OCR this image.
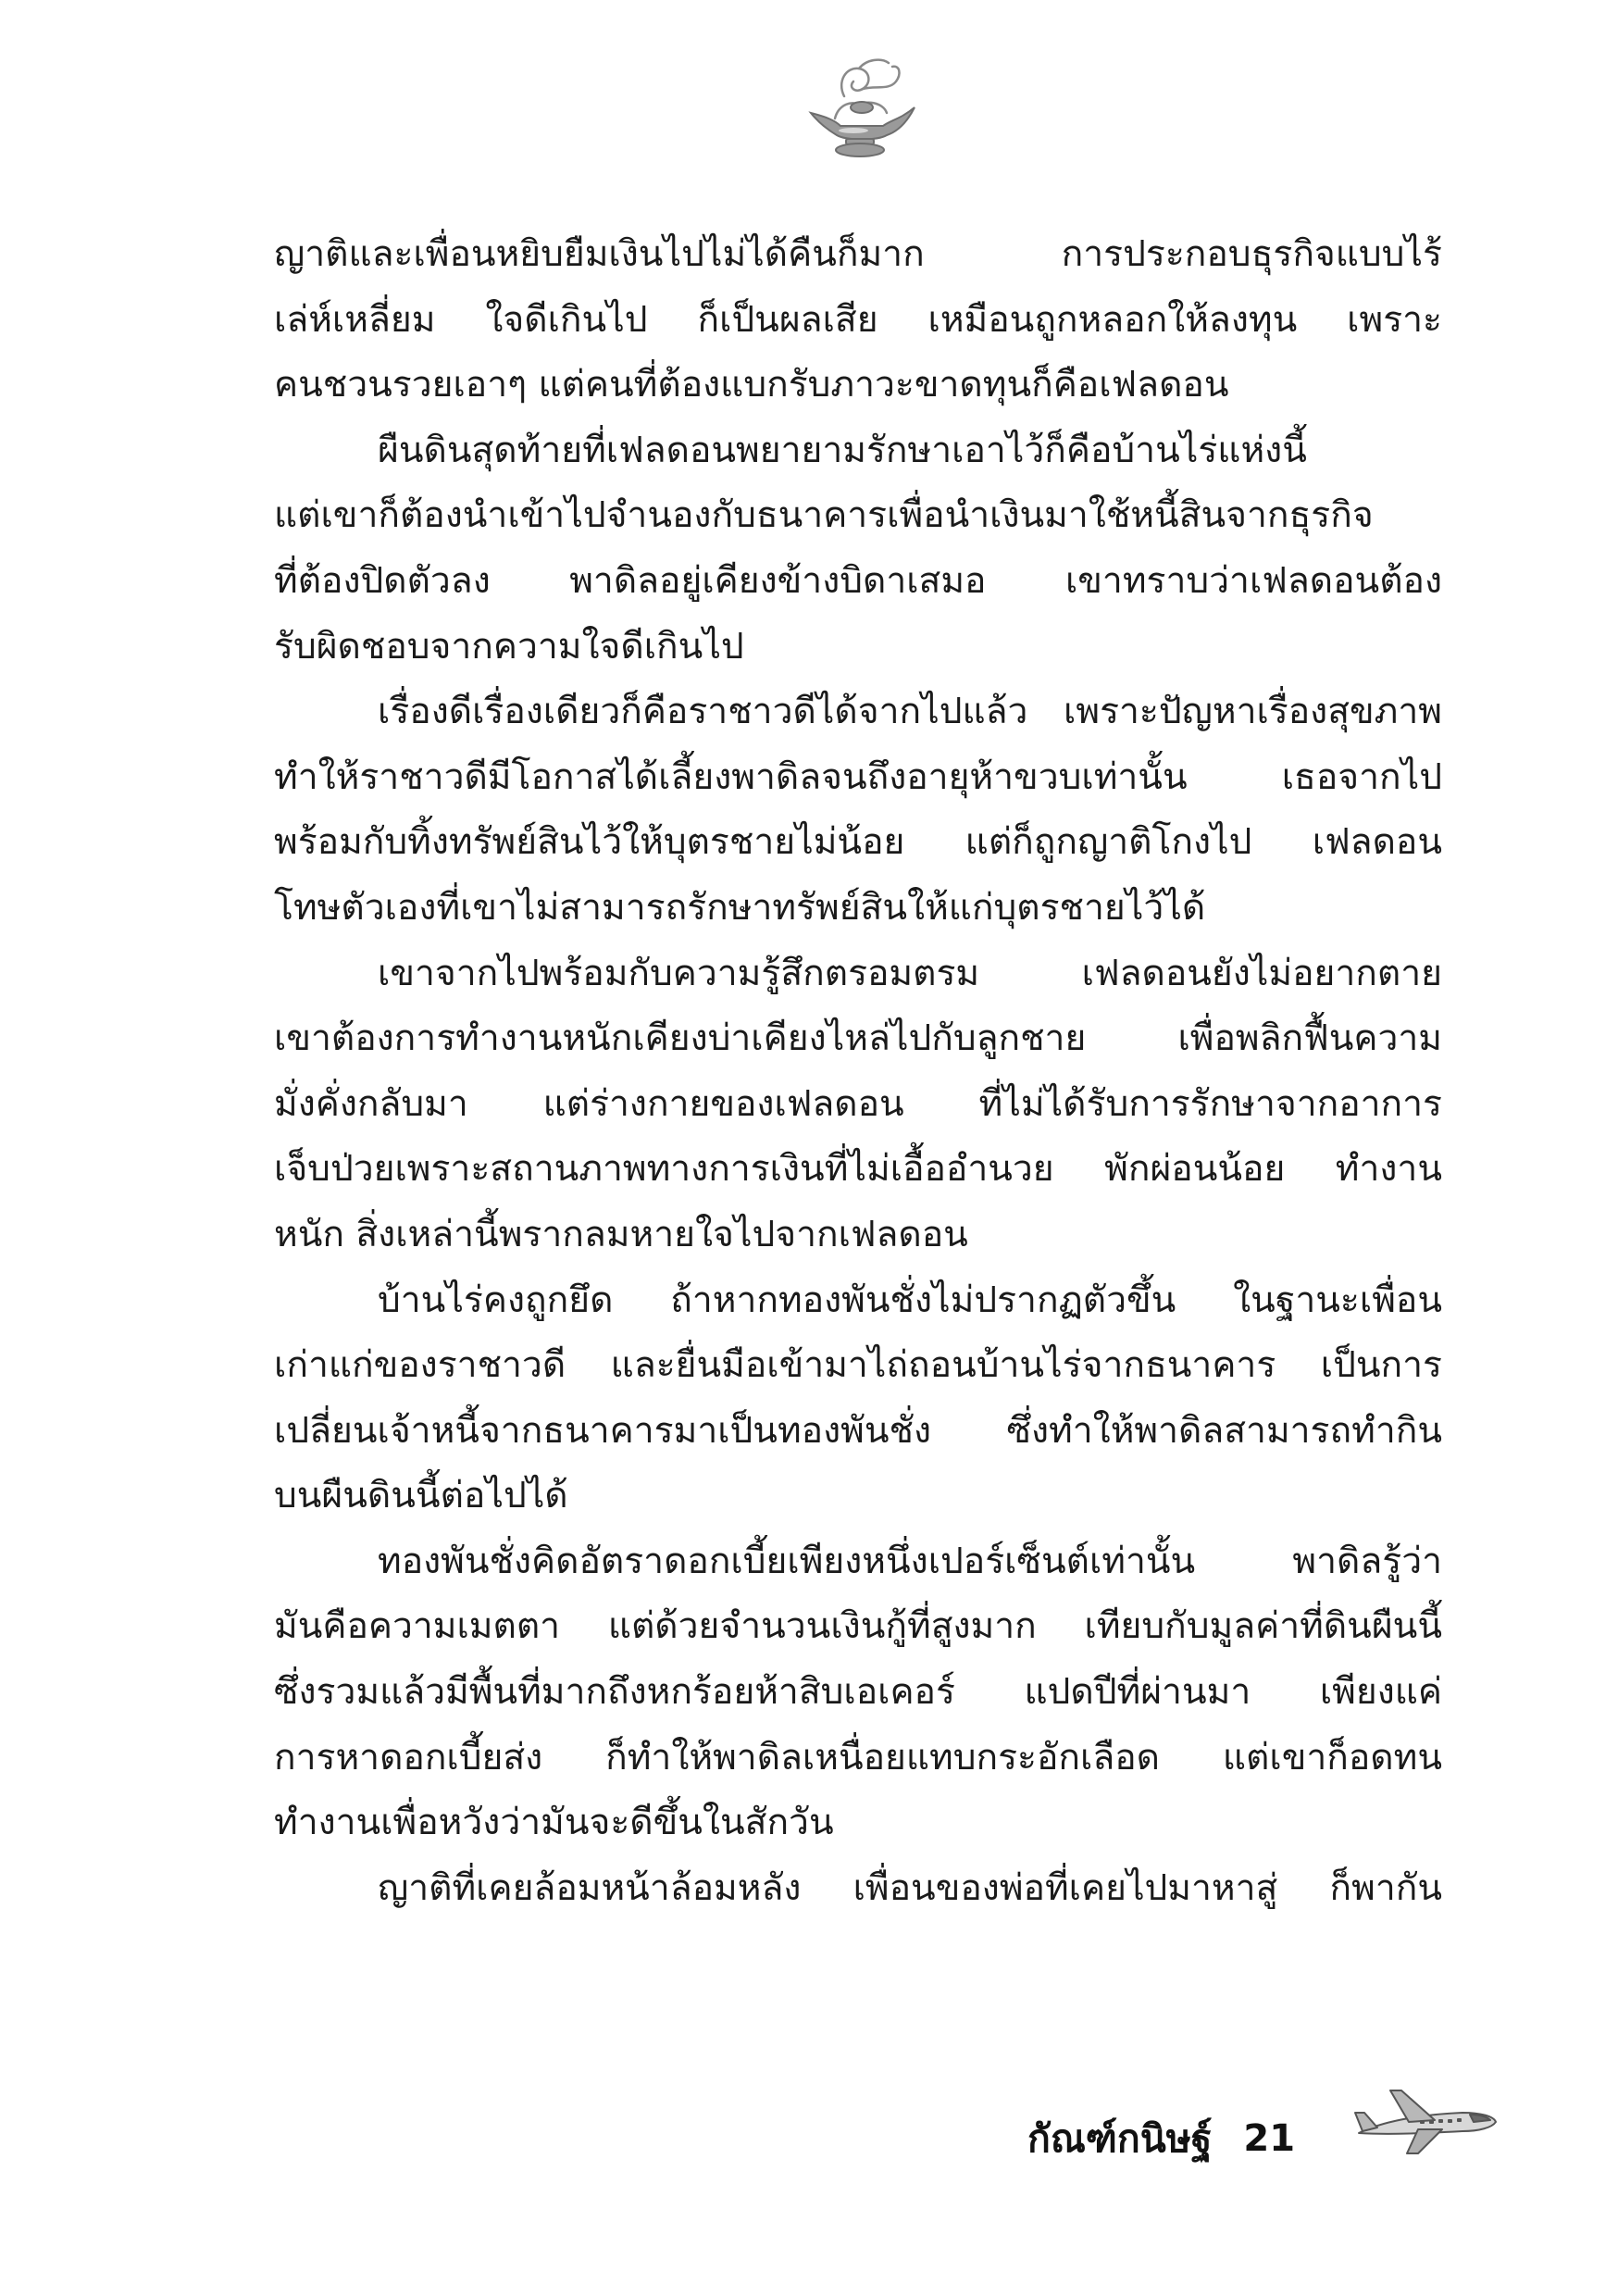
ญาติและเพื่อนหยิบยืมเงินไปไม่ได้คืนก็มาก การประกอบธุรกิจแบบไร้
เล่ห์เหลี่ยม ใจดีเกินไป ก็เป็นผลเสีย เหมือนถูกหลอกให้ลงทุน เพราะ
คนชวนรวยเอาๆ แต่คนที่ต้องแบกรับภาวะขาดทุนก็คือเฟลดอน
ผืนดินสุดท้ายที่เฟลดอนพยายามรักษาเอาไว้ก็คือบ้านไร่แห่งนี้
แต่เขาก็ต้องนำเข้าไปจำนองกับธนาคารเพื่อนำเงินมาใช้หนี้สินจากธุรกิจ
ที่ต้องปิดตัวลง พาดิลอยู่เคียงข้างบิดาเสมอ เขาทราบว่าเฟลดอนต้อง
รับผิดชอบจากความใจดีเกินไป
เรื่องดีเรื่องเดียวก็คือราชาวดีได้จากไปแล้ว เพราะปัญหาเรื่องสุขภาพ
ทำให้ราชาวดีมีโอกาสได้เลี้ยงพาดิลจนถึงอายุห้าขวบเท่านั้น เธอจากไป
พร้อมกับทิ้งทรัพย์สินไว้ให้บุตรชายไม่น้อย แต่ก็ถูกญาติโกงไป เฟลดอน
โทษตัวเองที่เขาไม่สามารถรักษาทรัพย์สินให้แก่บุตรชายไว้ได้
เขาจากไปพร้อมกับความรู้สึกตรอมตรม เฟลดอนยังไม่อยากตาย
เขาต้องการทำงานหนักเคียงบ่าเคียงไหล่ไปกับลูกชาย เพื่อพลิกฟื้นความ
มั่งคั่งกลับมา แต่ร่างกายของเฟลดอน ที่ไม่ได้รับการรักษาจากอาการ
เจ็บป่วยเพราะสถานภาพทางการเงินที่ไม่เอื้ออำนวย พักผ่อนน้อย ทำงาน
หนัก สิ่งเหล่านี้พรากลมหายใจไปจากเฟลดอน
บ้านไร่คงถูกยึด ถ้าหากทองพันชั่งไม่ปรากฏตัวขึ้น ในฐานะเพื่อน
เก่าแก่ของราชาวดี และยื่นมือเข้ามาไถ่ถอนบ้านไร่จากธนาคาร เป็นการ
เปลี่ยนเจ้าหนี้จากธนาคารมาเป็นทองพันชั่ง ซึ่งทำให้พาดิลสามารถทำกิน
บนผืนดินนี้ต่อไปได้
ทองพันชั่งคิดอัตราดอกเบี้ยเพียงหนึ่งเปอร์เซ็นต์เท่านั้น พาดิลรู้ว่า
มันคือความเมตตา แต่ด้วยจำนวนเงินกู้ที่สูงมาก เทียบกับมูลค่าที่ดินผืนนี้
ซึ่งรวมแล้วมีพื้นที่มากถึงหกร้อยห้าสิบเอเคอร์ แปดปีที่ผ่านมา เพียงแค่
การหาดอกเบี้ยส่ง ก็ทำให้พาดิลเหนื่อยแทบกระอักเลือด แต่เขาก็อดทน
ทำงานเพื่อหวังว่ามันจะดีขึ้นในสักวัน
ญาติที่เคยล้อมหน้าล้อมหลัง เพื่อนของพ่อที่เคยไปมาหาสู่ ก็พากัน
กัณฑ์กนิษฐ์ 21
